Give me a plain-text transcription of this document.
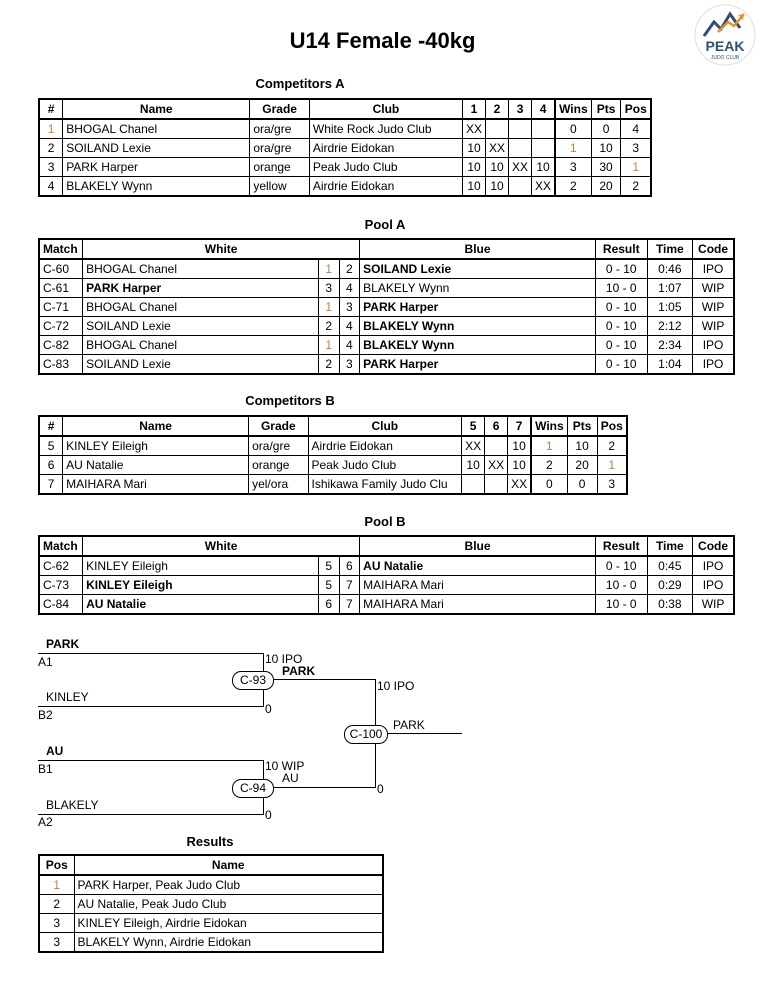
U14 Female -40kg	PEAK
JUDO CLUB
Competitors A
#	Name	Grade	Club	1	2	3	4	Wins	Pts	Pos
1	BHOGAL Chanel	ora/gre	White Rock Judo Club	XX				0	0	4
2	SOILAND Lexie	ora/gre	Airdrie Eidokan	10	XX			1	10	3
3	PARK Harper	orange	Peak Judo Club	10	10	XX	10	3	30	1
4	BLAKELY Wynn	yellow	Airdrie Eidokan	10	10		XX	2	20	2
Pool A
Match	White			Blue	Result	Time	Code
C-60	BHOGAL Chanel	1	2	SOILAND Lexie	0 - 10	0:46	IPO
C-61	PARK Harper	3	4	BLAKELY Wynn	10 - 0	1:07	WIP
C-71	BHOGAL Chanel	1	3	PARK Harper	0 - 10	1:05	WIP
C-72	SOILAND Lexie	2	4	BLAKELY Wynn	0 - 10	2:12	WIP
C-82	BHOGAL Chanel	1	4	BLAKELY Wynn	0 - 10	2:34	IPO
C-83	SOILAND Lexie	2	3	PARK Harper	0 - 10	1:04	IPO
Competitors B
#	Name	Grade	Club	5	6	7	Wins	Pts	Pos
5	KINLEY Eileigh	ora/gre	Airdrie Eidokan	XX		10	1	10	2
6	AU Natalie	orange	Peak Judo Club	10	XX	10	2	20	1
7	MAIHARA Mari	yel/ora	Ishikawa Family Judo Clu			XX	0	0	3
Pool B
Match	White			Blue	Result	Time	Code
C-62	KINLEY Eileigh	5	6	AU Natalie	0 - 10	0:45	IPO
C-73	KINLEY Eileigh	5	7	MAIHARA Mari	10 - 0	0:29	IPO
C-84	AU Natalie	6	7	MAIHARA Mari	10 - 0	0:38	WIP
PARK
A1	10 IPO
KINLEY
B2	0
C-93
PARK
10 IPO
AU
B1	10 WIP
BLAKELY
A2	0
C-94
AU
0
C-100
PARK
Results
Pos	Name
1	PARK Harper, Peak Judo Club
2	AU Natalie, Peak Judo Club
3	KINLEY Eileigh, Airdrie Eidokan
3	BLAKELY Wynn, Airdrie Eidokan
